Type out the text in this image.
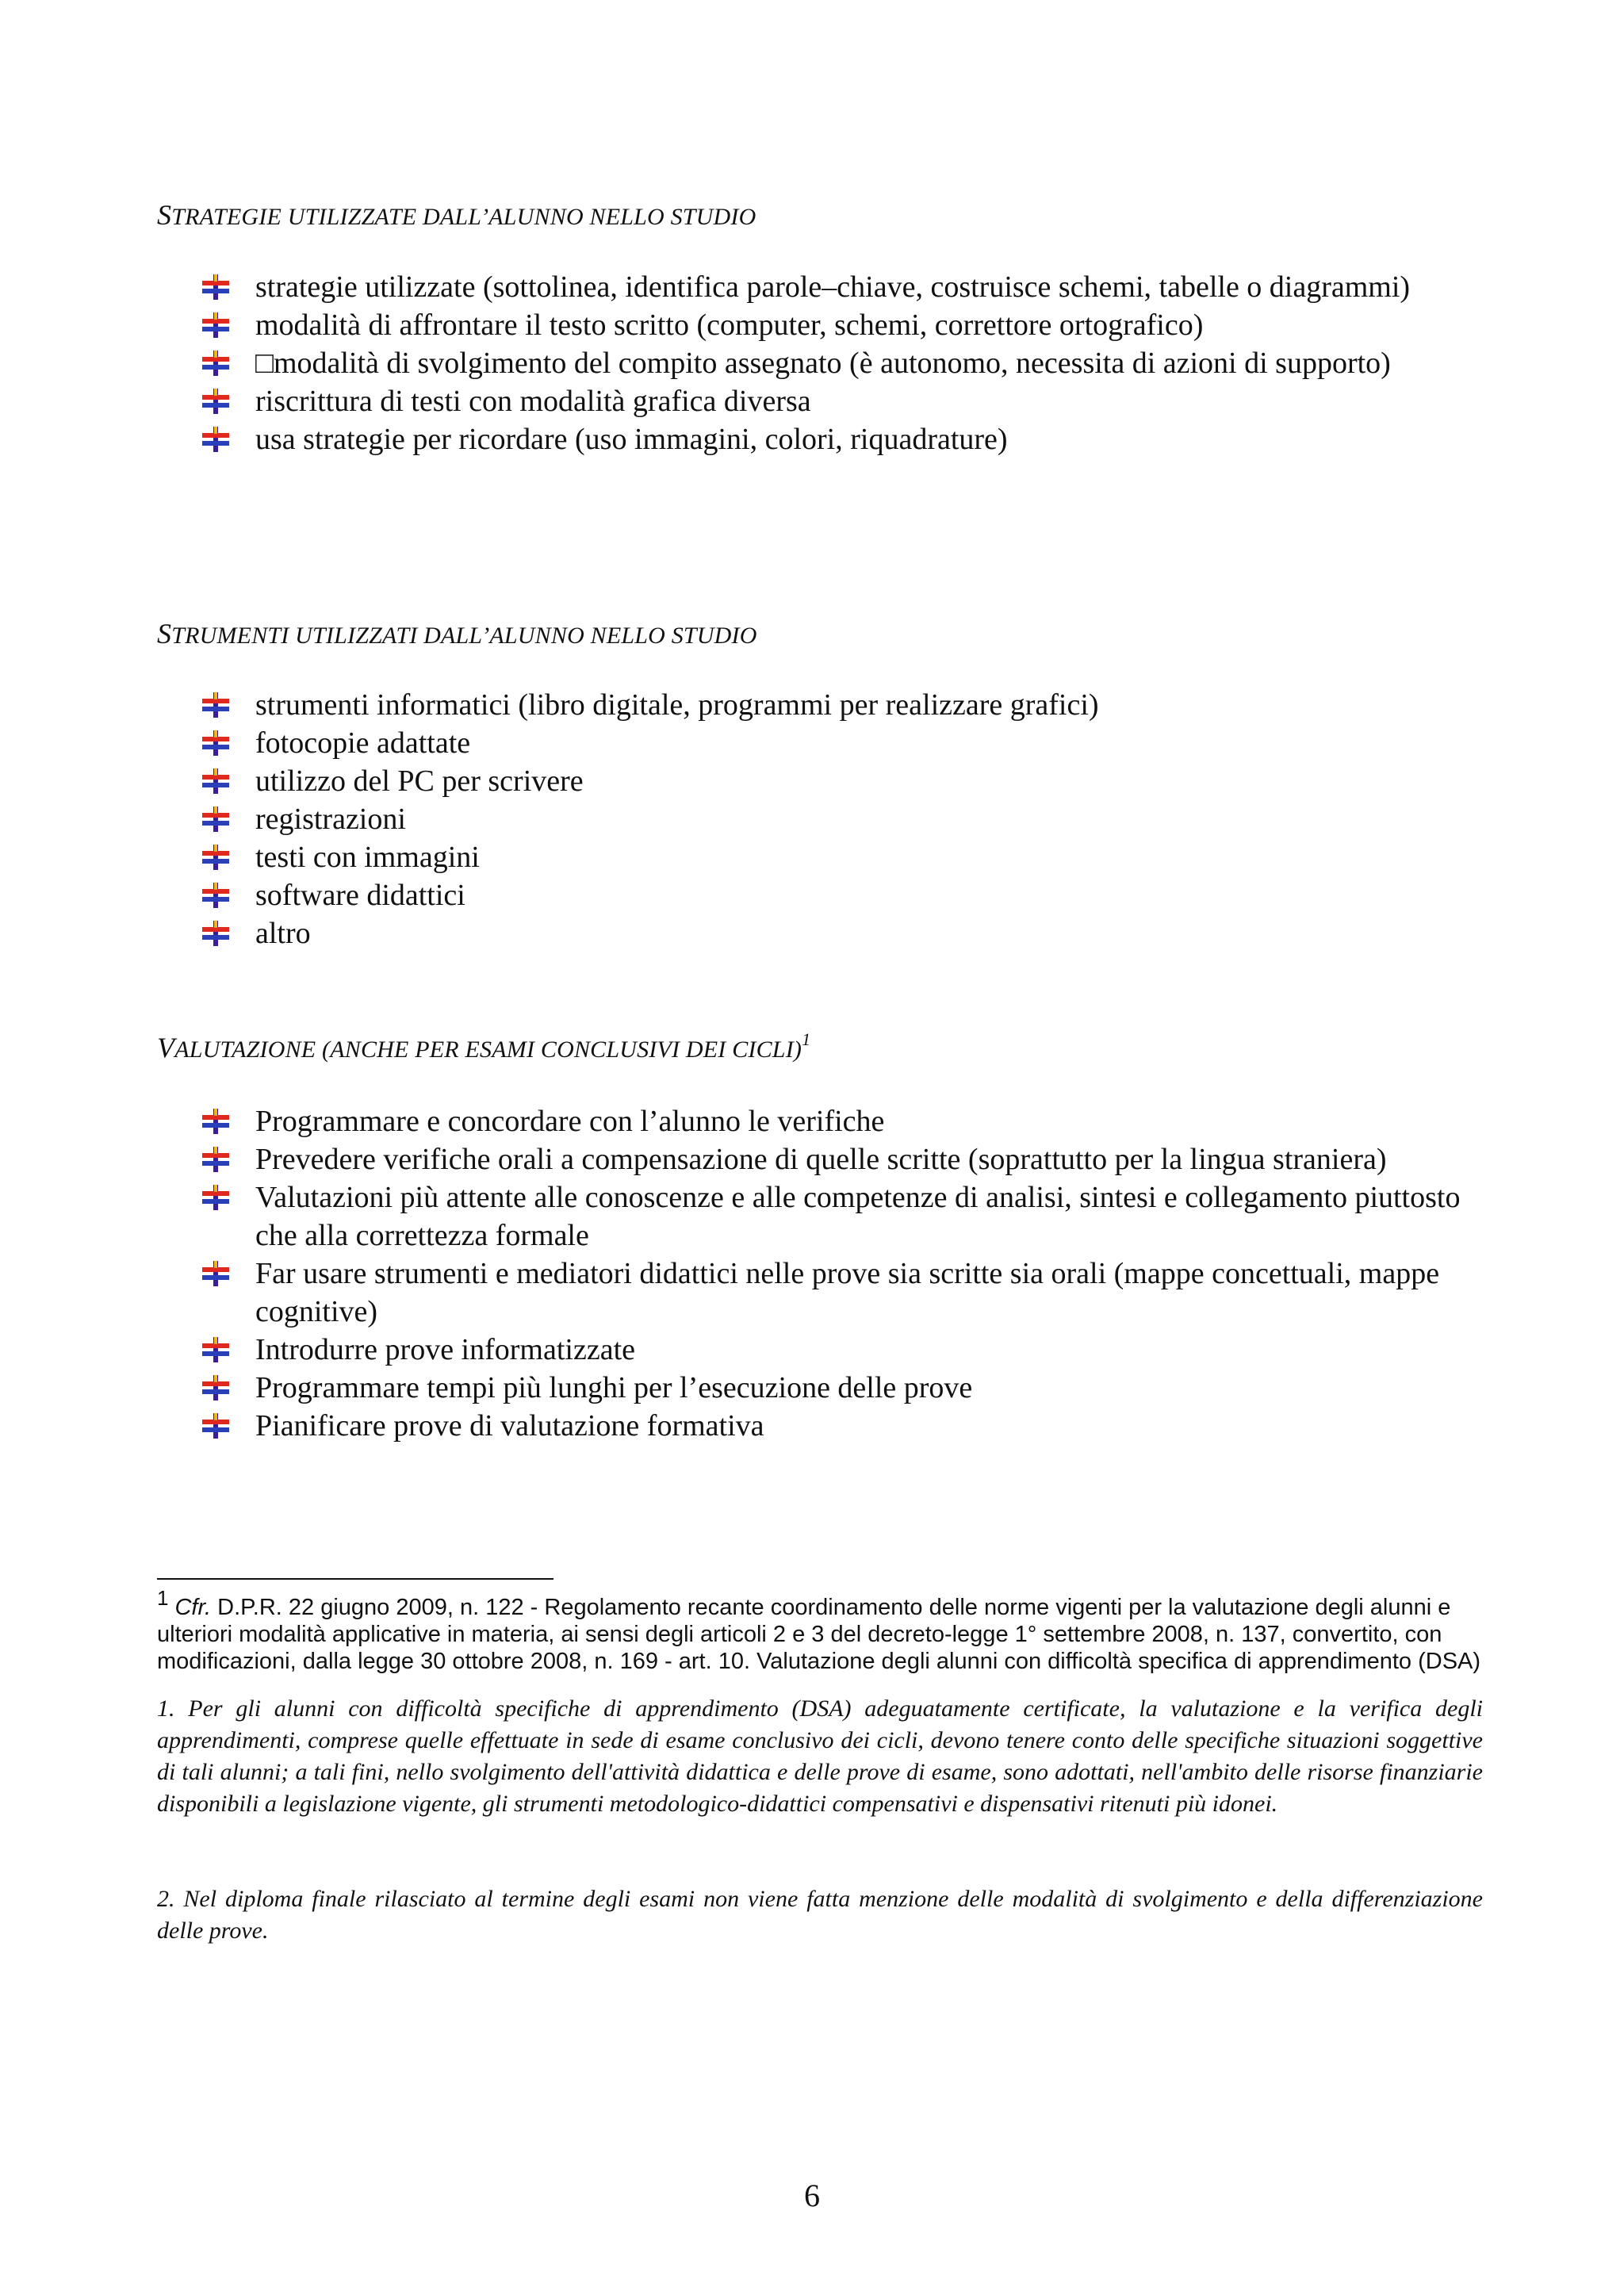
STRATEGIE UTILIZZATE DALL’ALUNNO NELLO STUDIO
strategie utilizzate (sottolinea, identifica parole–chiave, costruisce schemi, tabelle o diagrammi)
modalità di affrontare il testo scritto (computer, schemi, correttore ortografico)
□modalità di svolgimento del compito assegnato (è autonomo, necessita di azioni di supporto)
riscrittura di testi con modalità grafica diversa
usa strategie per ricordare (uso immagini, colori, riquadrature)
STRUMENTI UTILIZZATI DALL’ALUNNO NELLO STUDIO
strumenti informatici (libro digitale, programmi per realizzare grafici)
fotocopie adattate
utilizzo del PC per scrivere
registrazioni
testi con immagini
software didattici
altro
VALUTAZIONE (ANCHE PER ESAMI CONCLUSIVI DEI CICLI)$^1$
Programmare e concordare con l’alunno le verifiche
Prevedere verifiche orali a compensazione di quelle scritte (soprattutto per la lingua straniera)
Valutazioni più attente alle conoscenze e alle competenze di analisi, sintesi e collegamento piuttosto che alla correttezza formale
Far usare strumenti e mediatori didattici nelle prove sia scritte sia orali (mappe concettuali, mappe cognitive)
Introdurre prove informatizzate
Programmare tempi più lunghi per l’esecuzione delle prove
Pianificare prove di valutazione formativa
1 Cfr. D.P.R. 22 giugno 2009, n. 122 - Regolamento recante coordinamento delle norme vigenti per la valutazione degli alunni e ulteriori modalità applicative in materia, ai sensi degli articoli 2 e 3 del decreto-legge 1° settembre 2008, n. 137, convertito, con modificazioni, dalla legge 30 ottobre 2008, n. 169 - art. 10. Valutazione degli alunni con difficoltà specifica di apprendimento (DSA)
1. Per gli alunni con difficoltà specifiche di apprendimento (DSA) adeguatamente certificate, la valutazione e la verifica degli apprendimenti, comprese quelle effettuate in sede di esame conclusivo dei cicli, devono tenere conto delle specifiche situazioni soggettive di tali alunni; a tali fini, nello svolgimento dell'attività didattica e delle prove di esame, sono adottati, nell'ambito delle risorse finanziarie disponibili a legislazione vigente, gli strumenti metodologico-didattici compensativi e dispensativi ritenuti più idonei.
2. Nel diploma finale rilasciato al termine degli esami non viene fatta menzione delle modalità di svolgimento e della differenziazione delle prove.
6
